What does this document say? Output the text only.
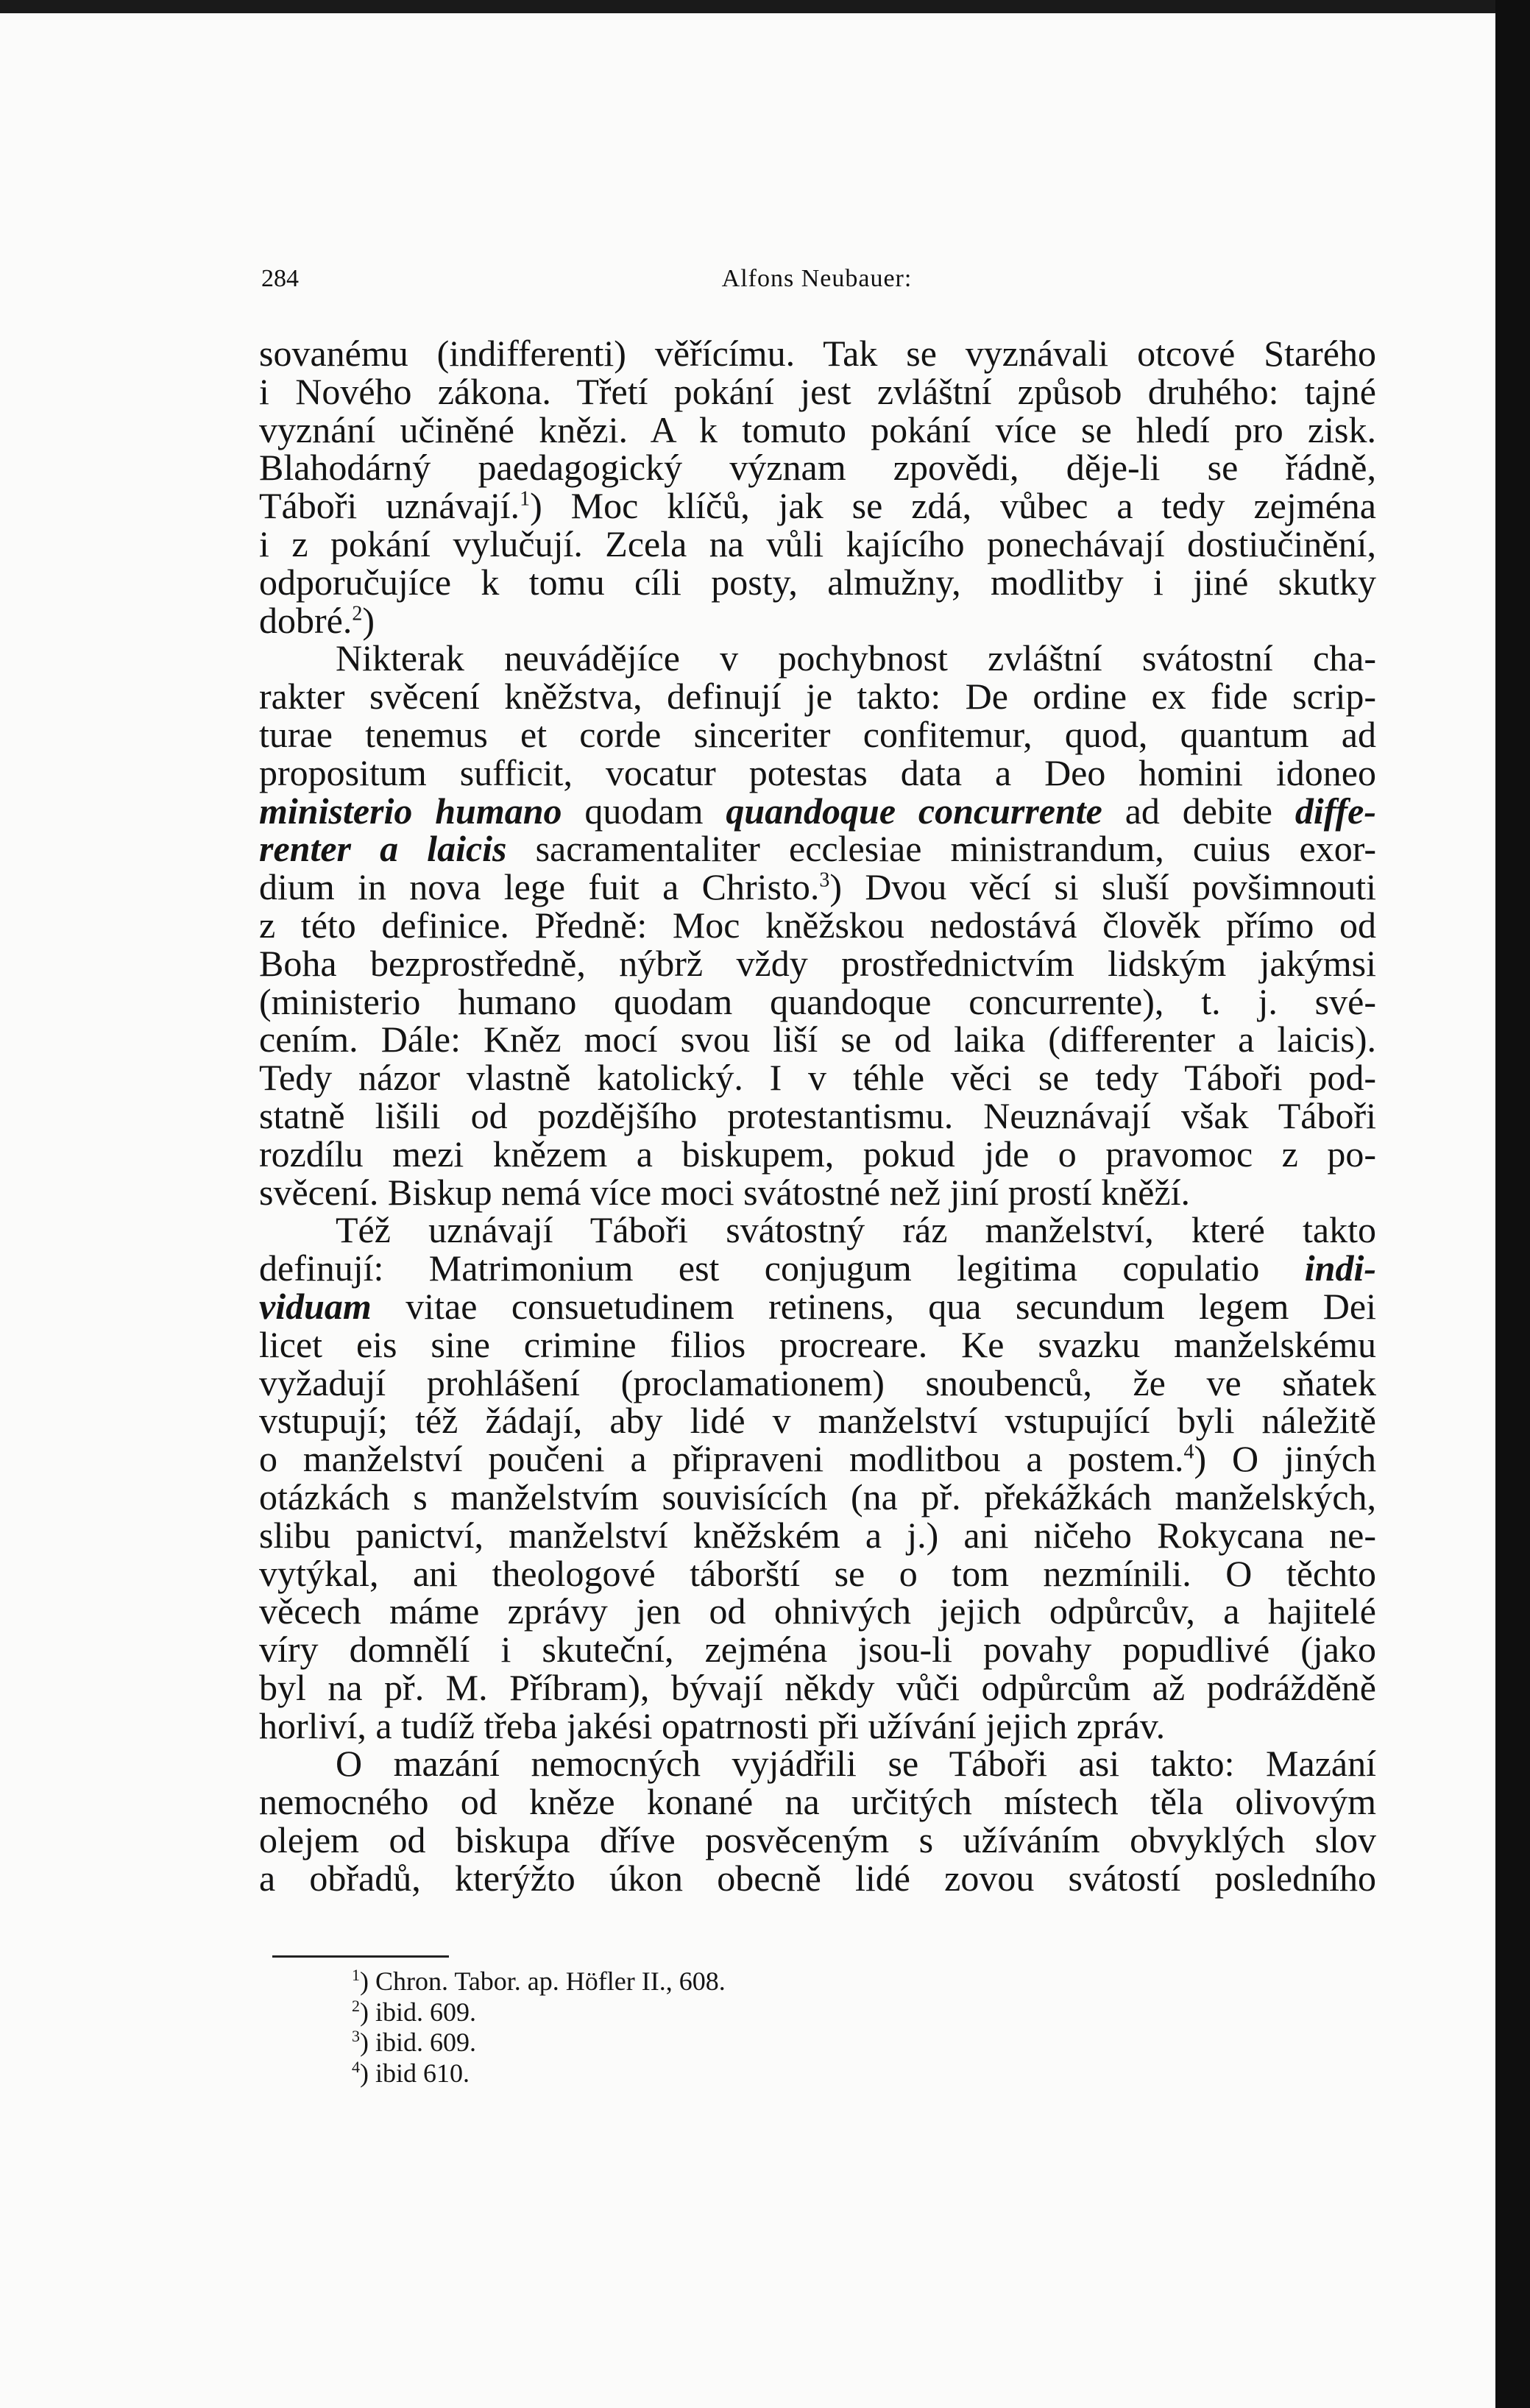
284	Alfons Neubauer:
sovanému (indifferenti) věřícímu. Tak se vyznávali otcové Starého
i Nového zákona. Třetí pokání jest zvláštní způsob druhého: tajné
vyznání učiněné knězi. A k tomuto pokání více se hledí pro zisk.
Blahodárný paedagogický význam zpovědi, děje-li se řádně,
Táboři uznávají.$^1$) Moc klíčů, jak se zdá, vůbec a tedy zejména
i z pokání vylučují. Zcela na vůli kajícího ponechávají dostiučinění,
odporučujíce k tomu cíli posty, almužny, modlitby i jiné skutky
dobré.$^2$)
Nikterak neuvádějíce v pochybnost zvláštní svátostní cha-
rakter svěcení kněžstva, definují je takto: De ordine ex fide scrip-
turae tenemus et corde sinceriter confitemur, quod, quantum ad
propositum sufficit, vocatur potestas data a Deo homini idoneo
ministerio humano quodam quandoque concurrente ad debite diffe-
renter a laicis sacramentaliter ecclesiae ministrandum, cuius exor-
dium in nova lege fuit a Christo.$^3$) Dvou věcí si sluší povšimnouti
z této definice. Předně: Moc kněžskou nedostává člověk přímo od
Boha bezprostředně, nýbrž vždy prostřednictvím lidským jakýmsi
(ministerio humano quodam quandoque concurrente), t. j. své-
cením. Dále: Kněz mocí svou liší se od laika (differenter a laicis).
Tedy názor vlastně katolický. I v téhle věci se tedy Táboři pod-
statně lišili od pozdějšího protestantismu. Neuznávají však Táboři
rozdílu mezi knězem a biskupem, pokud jde o pravomoc z po-
svěcení. Biskup nemá více moci svátostné než jiní prostí kněží.
Též uznávají Táboři svátostný ráz manželství, které takto
definují: Matrimonium est conjugum legitima copulatio indi-
viduam vitae consuetudinem retinens, qua secundum legem Dei
licet eis sine crimine filios procreare. Ke svazku manželskému
vyžadují prohlášení (proclamationem) snoubenců, že ve sňatek
vstupují; též žádají, aby lidé v manželství vstupující byli náležitě
o manželství poučeni a připraveni modlitbou a postem.$^4$) O jiných
otázkách s manželstvím souvisících (na př. překážkách manželských,
slibu panictví, manželství kněžském a j.) ani ničeho Rokycana ne-
vytýkal, ani theologové táborští se o tom nezmínili. O těchto
věcech máme zprávy jen od ohnivých jejich odpůrcův, a hajitelé
víry domnělí i skuteční, zejména jsou-li povahy popudlivé (jako
byl na př. M. Příbram), bývají někdy vůči odpůrcům až podrážděně
horliví, a tudíž třeba jakési opatrnosti při užívání jejich zpráv.
O mazání nemocných vyjádřili se Táboři asi takto: Mazání
nemocného od kněze konané na určitých místech těla olivovým
olejem od biskupa dříve posvěceným s užíváním obvyklých slov
a obřadů, kterýžto úkon obecně lidé zovou svátostí posledního
$^1$) Chron. Tabor. ap. Höfler II., 608.
$^2$) ibid. 609.
$^3$) ibid. 609.
$^4$) ibid 610.
